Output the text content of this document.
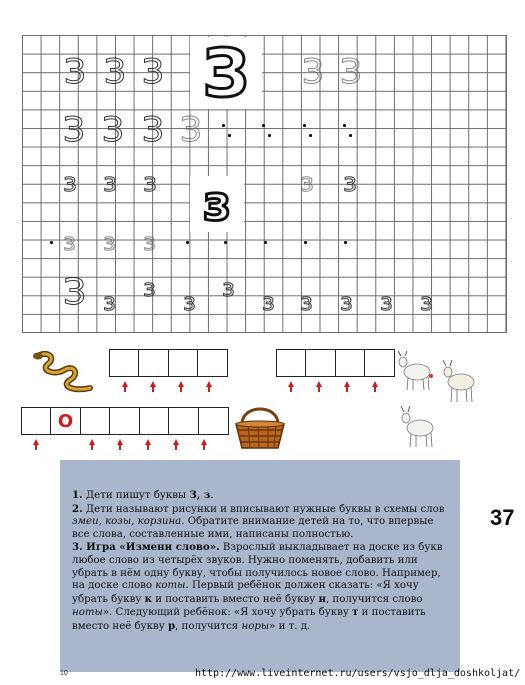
З
з
З З З	З З
З З З З
з з з	з з
з з з
З з з з з з з з з з
О

1. Дети пишут буквы З, з.

2. Дети называют рисунки и вписывают нужные буквы в схемы слов змеи, козы, корзина. Обратите внимание детей на то, что впервые все слова, составленные ими, написаны полностью.

3. Игра «Измени слово». Взрослый выкладывает на доске из букв любое слово из четырёх звуков. Нужно поменять, добавить или убрать в нём одну букву, чтобы получилось новое слово. Например, на доске слово коты. Первый ребёнок должен сказать: «Я хочу убрать букву к и поставить вместо неё букву н, получится слово ноты». Следующий ребёнок: «Я хочу убрать букву т и поставить вместо неё букву р, получится норы» и т. д.

37
10	http://www.liveinternet.ru/users/vsjo_dlja_doshkoljat/
